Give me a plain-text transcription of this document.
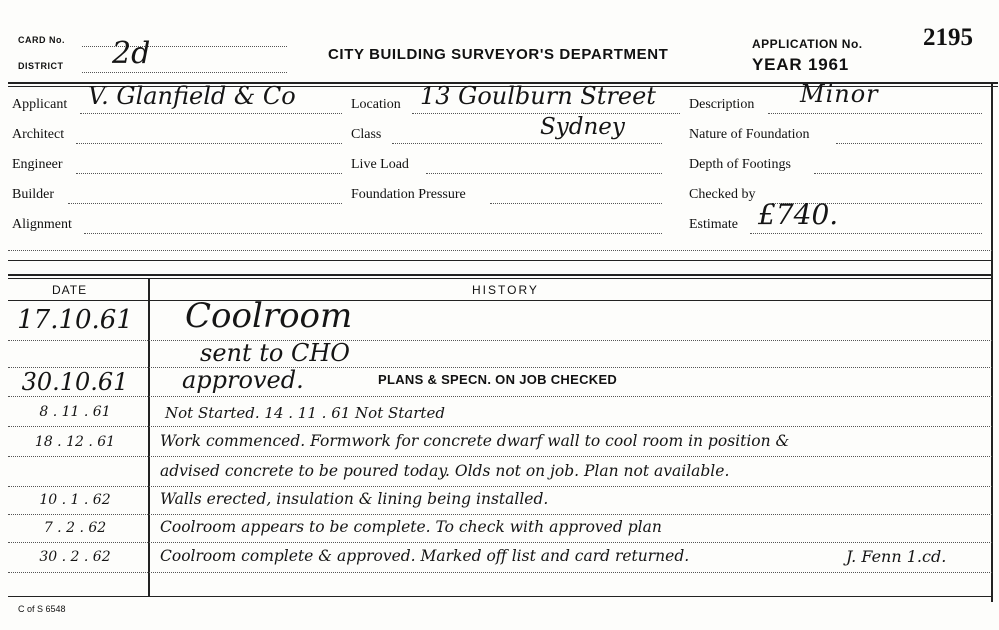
CARD No.
DISTRICT 2d	CITY BUILDING SURVEYOR'S DEPARTMENT
APPLICATION No. 2195
YEAR 1961
Applicant V. Glanfield & Co
Architect
Engineer
Builder
Alignment
Location 13 Goulburn Street
Class	Sydney
Live Load
Foundation Pressure
Description Minor
Nature of Foundation
Depth of Footings
Checked by
Estimate £740.
DATE	HISTORY
17.10.61 Coolroom
sent to CHO
30.10.61	approved.	PLANS & SPECN. ON JOB CHECKED
8 . 11 . 61	Not Started. 14 . 11 . 61 Not Started
18 . 12 . 61	Work commenced. Formwork for concrete dwarf wall to cool room in position &
advised concrete to be poured today. Olds not on job. Plan not available.
10 . 1 . 62	Walls erected, insulation & lining being installed.
7 . 2 . 62	Coolroom appears to be complete. To check with approved plan
30 . 2 . 62	Coolroom complete & approved. Marked off list and card returned.	J. Fenn 1.cd.
C of S 6548
